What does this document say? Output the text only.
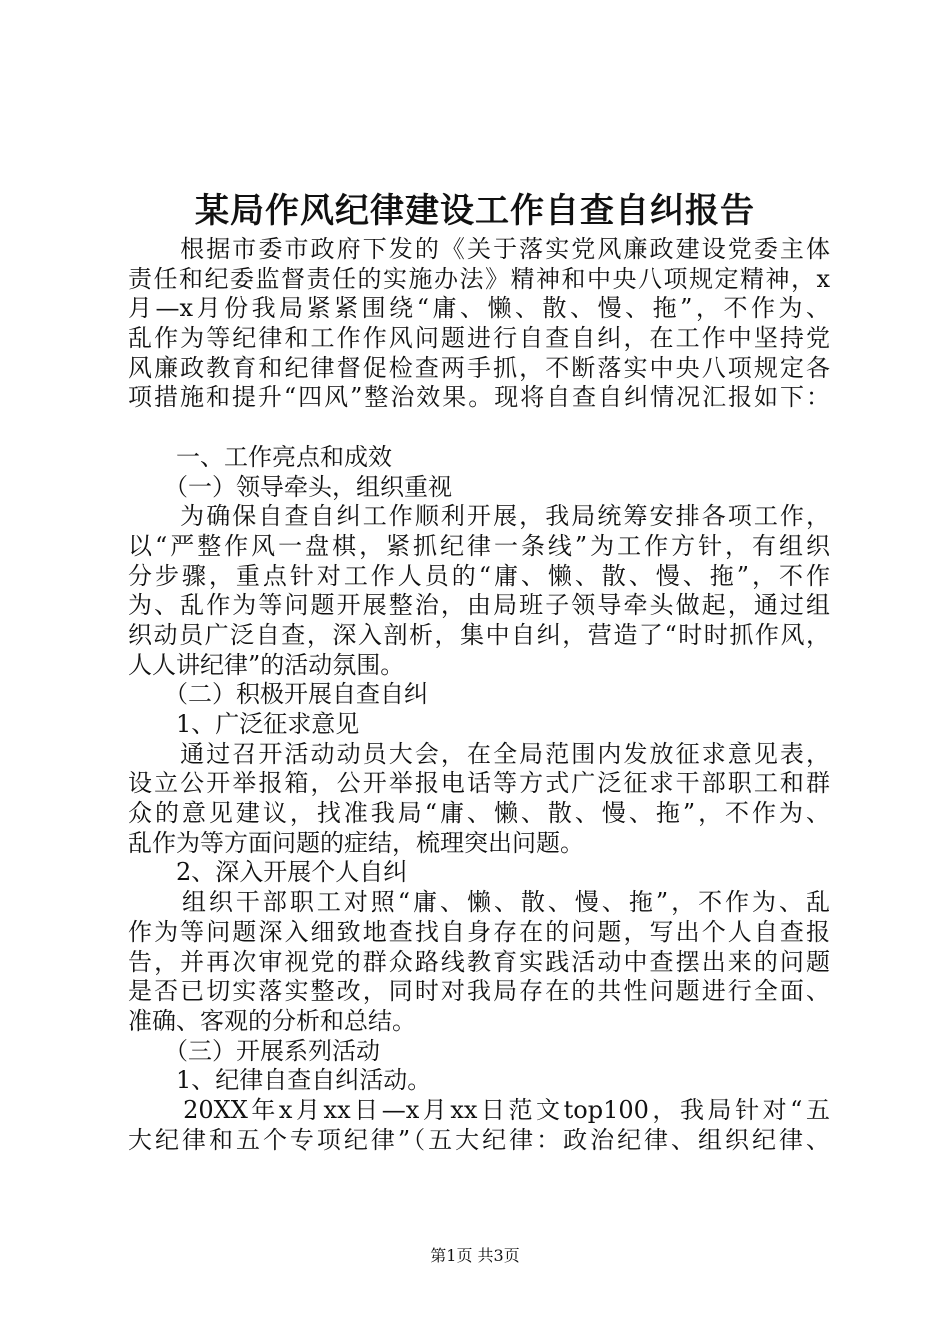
某局作风纪律建设工作自查自纠报告
　　根据市委市政府下发的《关于落实党风廉政建设党委主体
责任和纪委监督责任的实施办法》精神和中央八项规定精神，x
月—x月份我局紧紧围绕“庸、懒、散、慢、拖”，不作为、
乱作为等纪律和工作作风问题进行自查自纠，在工作中坚持党
风廉政教育和纪律督促检查两手抓，不断落实中央八项规定各
项措施和提升“四风”整治效果。现将自查自纠情况汇报如下：
　　一、工作亮点和成效
　　（一）领导牵头，组织重视
　　为确保自查自纠工作顺利开展，我局统筹安排各项工作，
以“严整作风一盘棋，紧抓纪律一条线”为工作方针，有组织
分步骤，重点针对工作人员的“庸、懒、散、慢、拖”，不作
为、乱作为等问题开展整治，由局班子领导牵头做起，通过组
织动员广泛自查，深入剖析，集中自纠，营造了“时时抓作风，
人人讲纪律”的活动氛围。
　　（二）积极开展自查自纠
　　1、广泛征求意见
　　通过召开活动动员大会，在全局范围内发放征求意见表，
设立公开举报箱，公开举报电话等方式广泛征求干部职工和群
众的意见建议，找准我局“庸、懒、散、慢、拖”，不作为、
乱作为等方面问题的症结，梳理突出问题。
　　2、深入开展个人自纠
　　组织干部职工对照“庸、懒、散、慢、拖”，不作为、乱
作为等问题深入细致地查找自身存在的问题，写出个人自查报
告，并再次审视党的群众路线教育实践活动中查摆出来的问题
是否已切实落实整改，同时对我局存在的共性问题进行全面、
准确、客观的分析和总结。
　　（三）开展系列活动
　　1、纪律自查自纠活动。
　　20XX年x月xx日—x月xx日范文top100，我局针对“五
大纪律和五个专项纪律”（五大纪律：政治纪律、组织纪律、
第1页 共3页
